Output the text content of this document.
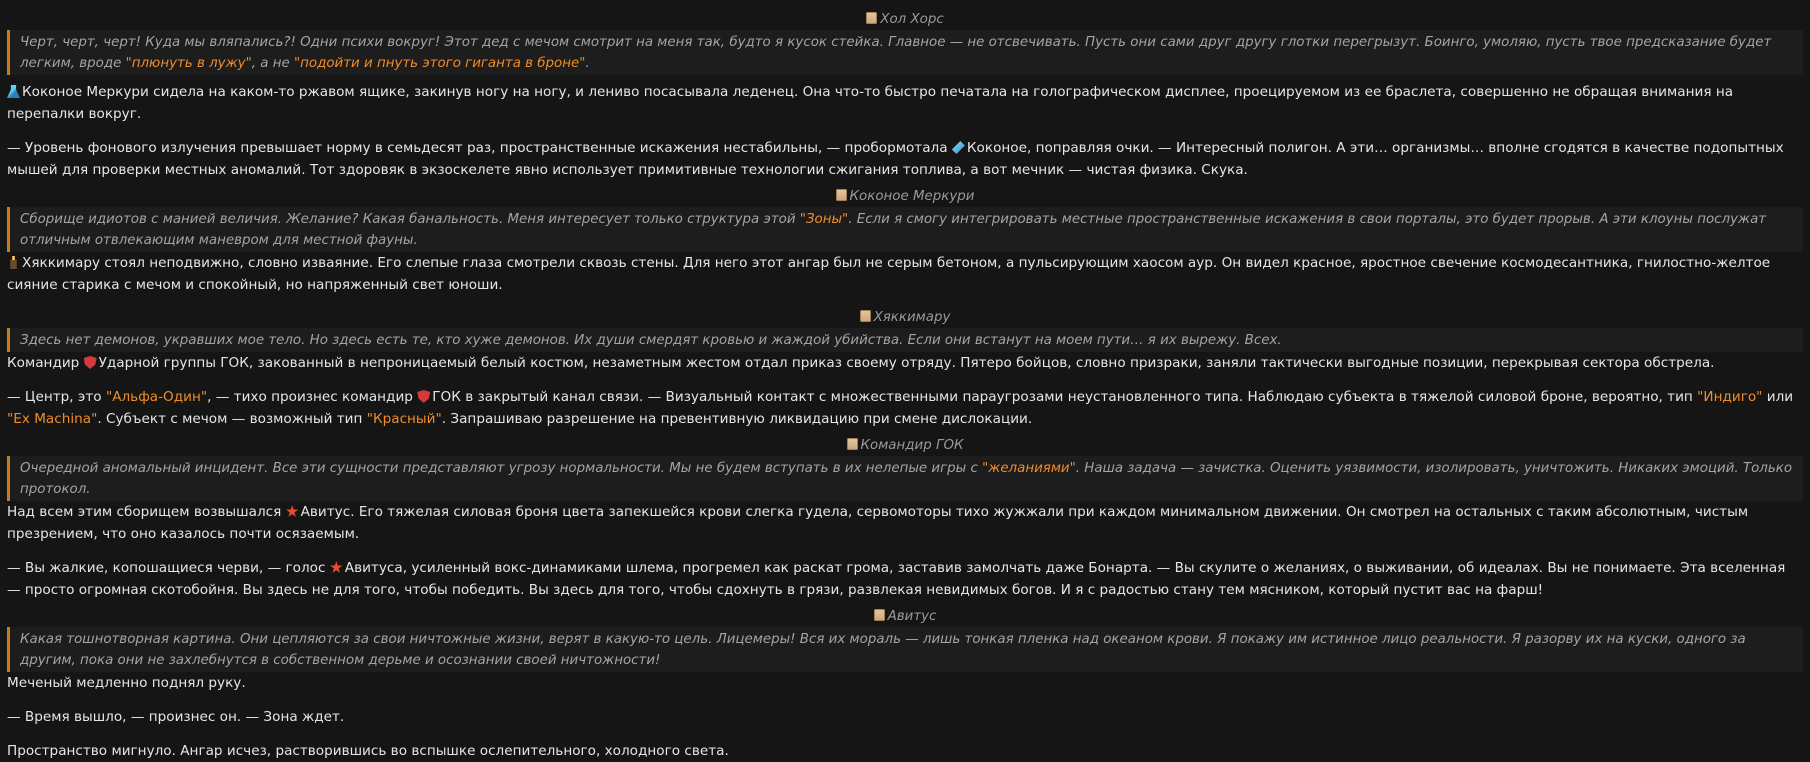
Хол Хорс
Черт, черт, черт! Куда мы вляпались?! Одни психи вокруг! Этот дед с мечом смотрит на меня так, будто я кусок стейка. Главное — не отсвечивать. Пусть они сами друг другу глотки перегрызут. Боинго, умоляю, пусть твое предсказание будет легким, вроде "плюнуть в лужу", а не "подойти и пнуть этого гиганта в броне".

Коконое Меркури сидела на каком-то ржавом ящике, закинув ногу на ногу, и лениво посасывала леденец. Она что-то быстро печатала на голографическом дисплее, проецируемом из ее браслета, совершенно не обращая внимания на перепалки вокруг.

— Уровень фонового излучения превышает норму в семьдесят раз, пространственные искажения нестабильны, — пробормотала Коконое, поправляя очки. — Интересный полигон. А эти… организмы… вполне сгодятся в качестве подопытных мышей для проверки местных аномалий. Тот здоровяк в экзоскелете явно использует примитивные технологии сжигания топлива, а вот мечник — чистая физика. Скука.

Коконое Меркури
Сборище идиотов с манией величия. Желание? Какая банальность. Меня интересует только структура этой "Зоны". Если я смогу интегрировать местные пространственные искажения в свои порталы, это будет прорыв. А эти клоуны послужат отличным отвлекающим маневром для местной фауны.

Хяккимару стоял неподвижно, словно изваяние. Его слепые глаза смотрели сквозь стены. Для него этот ангар был не серым бетоном, а пульсирующим хаосом аур. Он видел красное, яростное свечение космодесантника, гнилостно-желтое сияние старика с мечом и спокойный, но напряженный свет юноши.

Хяккимару
Здесь нет демонов, укравших мое тело. Но здесь есть те, кто хуже демонов. Их души смердят кровью и жаждой убийства. Если они встанут на моем пути… я их вырежу. Всех.

Командир Ударной группы ГОК, закованный в непроницаемый белый костюм, незаметным жестом отдал приказ своему отряду. Пятеро бойцов, словно призраки, заняли тактически выгодные позиции, перекрывая сектора обстрела.

— Центр, это "Альфа-Один", — тихо произнес командир ГОК в закрытый канал связи. — Визуальный контакт с множественными параугрозами неустановленного типа. Наблюдаю субъекта в тяжелой силовой броне, вероятно, тип "Индиго" или "Ex Machina". Субъект с мечом — возможный тип "Красный". Запрашиваю разрешение на превентивную ликвидацию при смене дислокации.

Командир ГОК
Очередной аномальный инцидент. Все эти сущности представляют угрозу нормальности. Мы не будем вступать в их нелепые игры с "желаниями". Наша задача — зачистка. Оценить уязвимости, изолировать, уничтожить. Никаких эмоций. Только протокол.

Над всем этим сборищем возвышался Авитус. Его тяжелая силовая броня цвета запекшейся крови слегка гудела, сервомоторы тихо жужжали при каждом минимальном движении. Он смотрел на остальных с таким абсолютным, чистым презрением, что оно казалось почти осязаемым.

— Вы жалкие, копошащиеся черви, — голос Авитуса, усиленный вокс-динамиками шлема, прогремел как раскат грома, заставив замолчать даже Бонарта. — Вы скулите о желаниях, о выживании, об идеалах. Вы не понимаете. Эта вселенная — просто огромная скотобойня. Вы здесь не для того, чтобы победить. Вы здесь для того, чтобы сдохнуть в грязи, развлекая невидимых богов. И я с радостью стану тем мясником, который пустит вас на фарш!

Авитус
Какая тошнотворная картина. Они цепляются за свои ничтожные жизни, верят в какую-то цель. Лицемеры! Вся их мораль — лишь тонкая пленка над океаном крови. Я покажу им истинное лицо реальности. Я разорву их на куски, одного за другим, пока они не захлебнутся в собственном дерьме и осознании своей ничтожности!

Меченый медленно поднял руку.

— Время вышло, — произнес он. — Зона ждет.

Пространство мигнуло. Ангар исчез, растворившись во вспышке ослепительного, холодного света.
